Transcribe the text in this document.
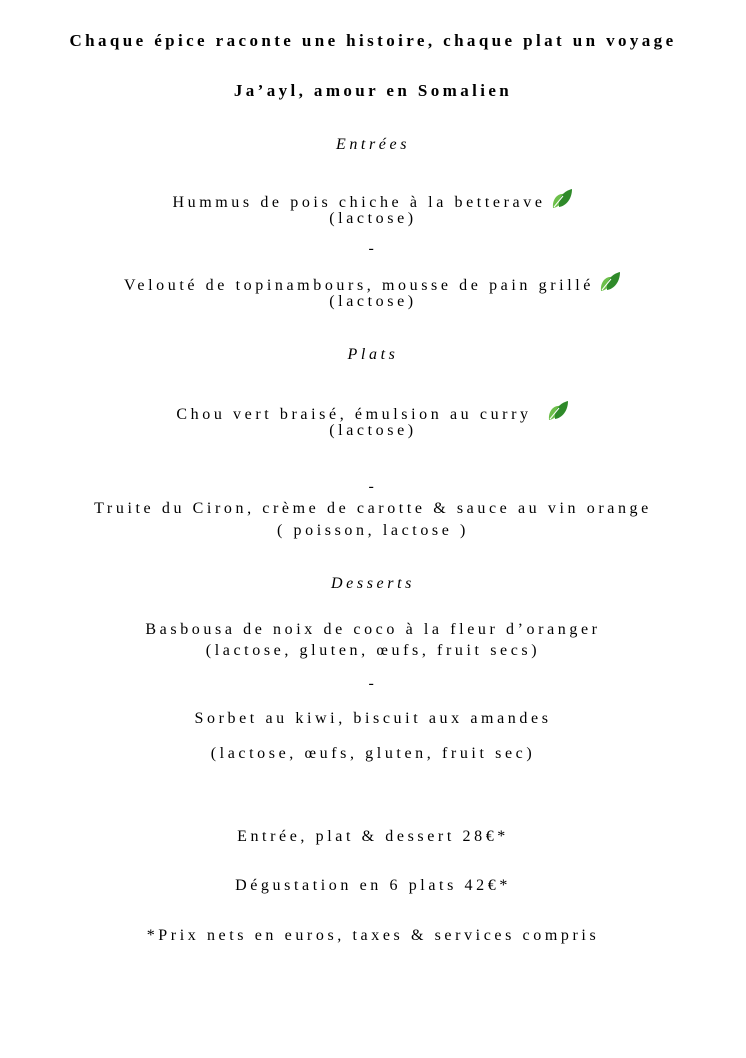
Chaque épice raconte une histoire, chaque plat un voyage
Ja’ayl, amour en Somalien
Entrées
Hummus de pois chiche à la betterave
(lactose)
-
Velouté de topinambours, mousse de pain grillé
(lactose)
Plats
Chou vert braisé, émulsion au curry
(lactose)
-
Truite du Ciron, crème de carotte & sauce au vin orange
( poisson, lactose )
Desserts
Basbousa de noix de coco à la fleur d’oranger
(lactose, gluten, œufs, fruit secs)
-
Sorbet au kiwi, biscuit aux amandes
(lactose, œufs, gluten, fruit sec)
Entrée, plat & dessert 28€*
Dégustation en 6 plats 42€*
*Prix nets en euros, taxes & services compris
